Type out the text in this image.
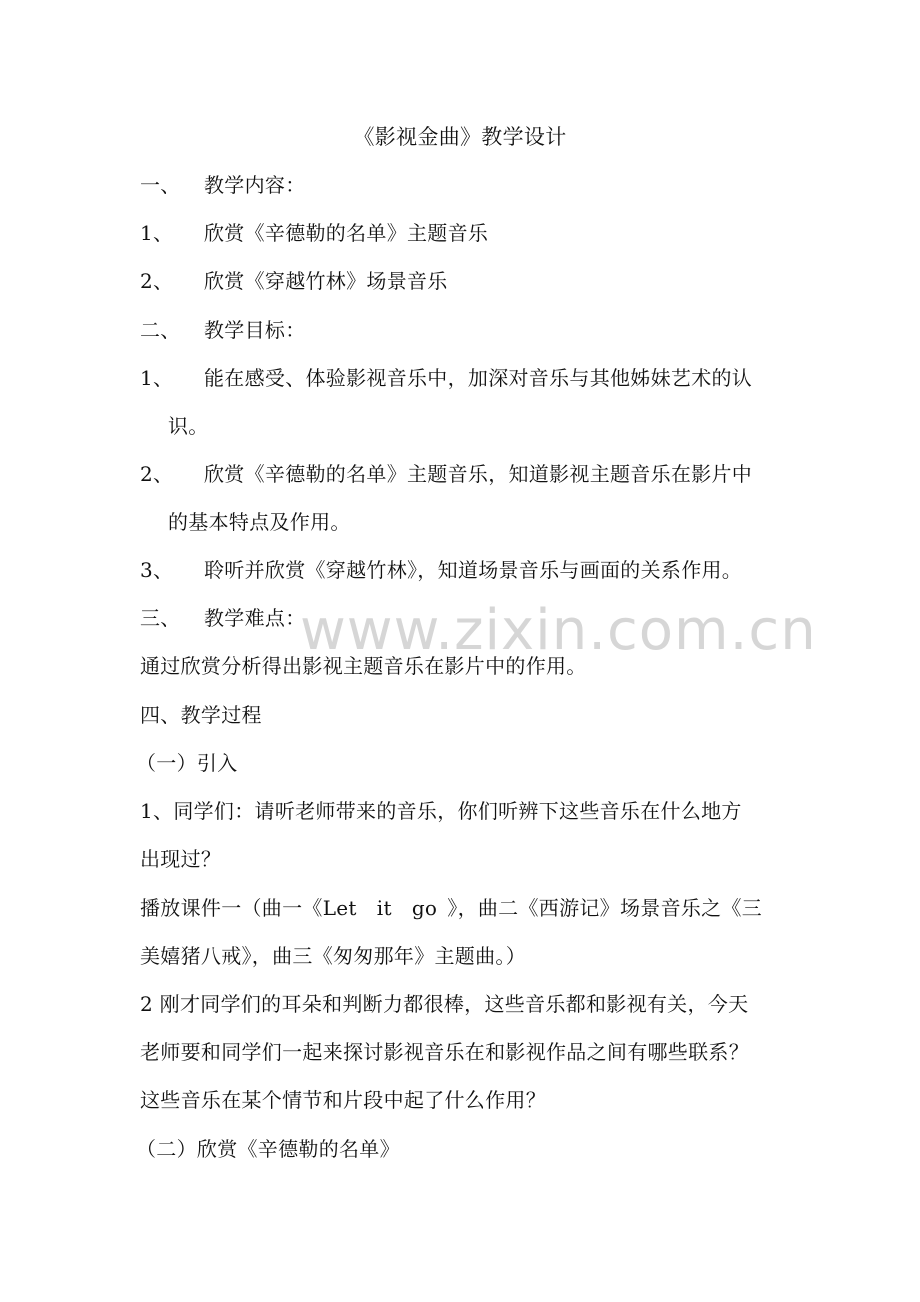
《影视金曲》教学设计
一、 教学内容：
1、 欣赏《辛德勒的名单》主题音乐
2、 欣赏《穿越竹林》场景音乐
二、 教学目标：
1、 能在感受、体验影视音乐中，加深对音乐与其他姊妹艺术的认
识。
2、 欣赏《辛德勒的名单》主题音乐，知道影视主题音乐在影片中
的基本特点及作用。
3、 聆听并欣赏《穿越竹林》，知道场景音乐与画面的关系作用。
三、 教学难点：
通过欣赏分析得出影视主题音乐在影片中的作用。
四、教学过程
（一）引入
1、同学们：请听老师带来的音乐，你们听辨下这些音乐在什么地方
出现过？
播放课件一（曲一《Let it go 》，曲二《西游记》场景音乐之《三
美嬉猪八戒》，曲三《匆匆那年》主题曲。）
2 刚才同学们的耳朵和判断力都很棒，这些音乐都和影视有关，今天
老师要和同学们一起来探讨影视音乐在和影视作品之间有哪些联系？
这些音乐在某个情节和片段中起了什么作用？
（二）欣赏《辛德勒的名单》
www.zixin.com.cn
